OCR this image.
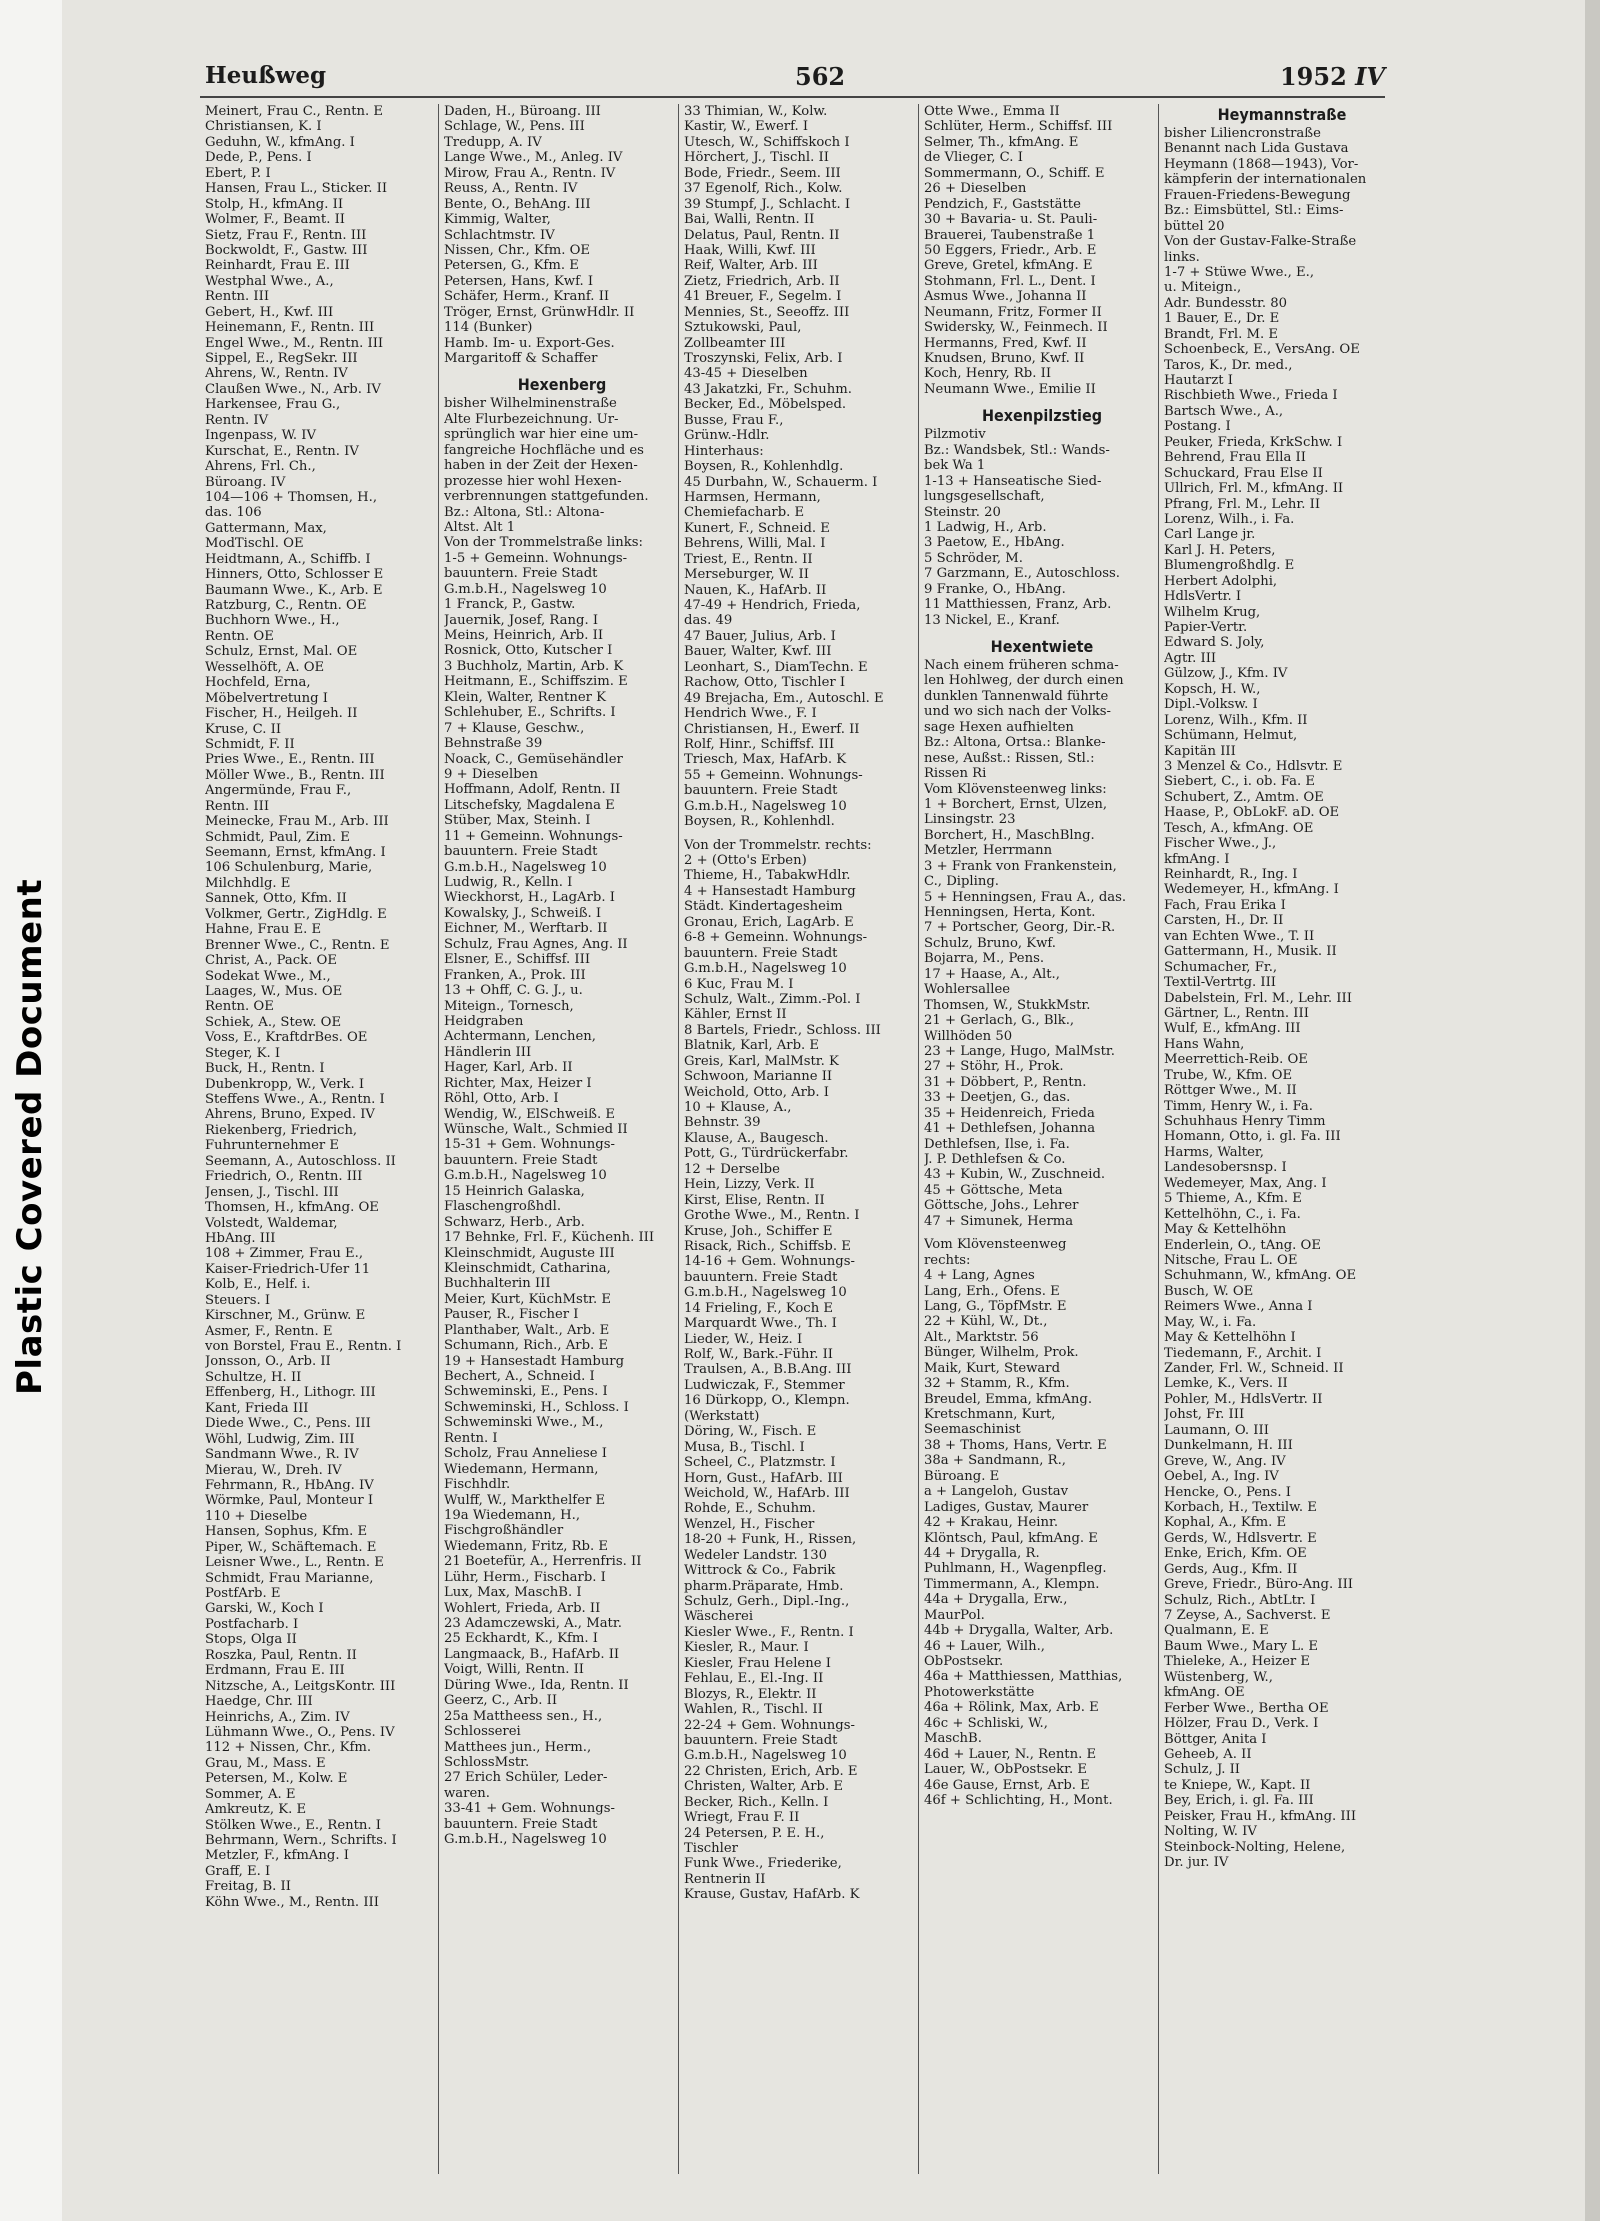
Plastic Covered Document
Heußweg	562	1952 IV
Meinert, Frau C., Rentn. E
Christiansen, K. I
Geduhn, W., kfmAng. I
Dede, P., Pens. I
Ebert, P. I
Hansen, Frau L., Sticker. II
Stolp, H., kfmAng. II
Wolmer, F., Beamt. II
Sietz, Frau F., Rentn. III
Bockwoldt, F., Gastw. III
Reinhardt, Frau E. III
Westphal Wwe., A.,
Rentn. III
Gebert, H., Kwf. III
Heinemann, F., Rentn. III
Engel Wwe., M., Rentn. III
Sippel, E., RegSekr. III
Ahrens, W., Rentn. IV
Claußen Wwe., N., Arb. IV
Harkensee, Frau G.,
Rentn. IV
Ingenpass, W. IV
Kurschat, E., Rentn. IV
Ahrens, Frl. Ch.,
Büroang. IV
104—106 + Thomsen, H.,
das. 106
Gattermann, Max,
ModTischl. OE
Heidtmann, A., Schiffb. I
Hinners, Otto, Schlosser E
Baumann Wwe., K., Arb. E
Ratzburg, C., Rentn. OE
Buchhorn Wwe., H.,
Rentn. OE
Schulz, Ernst, Mal. OE
Wesselhöft, A. OE
Hochfeld, Erna,
Möbelvertretung I
Fischer, H., Heilgeh. II
Kruse, C. II
Schmidt, F. II
Pries Wwe., E., Rentn. III
Möller Wwe., B., Rentn. III
Angermünde, Frau F.,
Rentn. III
Meinecke, Frau M., Arb. III
Schmidt, Paul, Zim. E
Seemann, Ernst, kfmAng. I
106 Schulenburg, Marie,
Milchhdlg. E
Sannek, Otto, Kfm. II
Volkmer, Gertr., ZigHdlg. E
Hahne, Frau E. E
Brenner Wwe., C., Rentn. E
Christ, A., Pack. OE
Sodekat Wwe., M.,
Laages, W., Mus. OE
Rentn. OE
Schiek, A., Stew. OE
Voss, E., KraftdrBes. OE
Steger, K. I
Buck, H., Rentn. I
Dubenkropp, W., Verk. I
Steffens Wwe., A., Rentn. I
Ahrens, Bruno, Exped. IV
Riekenberg, Friedrich,
Fuhrunternehmer E
Seemann, A., Autoschloss. II
Friedrich, O., Rentn. III
Jensen, J., Tischl. III
Thomsen, H., kfmAng. OE
Volstedt, Waldemar,
HbAng. III
108 + Zimmer, Frau E.,
Kaiser-Friedrich-Ufer 11
Kolb, E., Helf. i.
Steuers. I
Kirschner, M., Grünw. E
Asmer, F., Rentn. E
von Borstel, Frau E., Rentn. I
Jonsson, O., Arb. II
Schultze, H. II
Effenberg, H., Lithogr. III
Kant, Frieda III
Diede Wwe., C., Pens. III
Wöhl, Ludwig, Zim. III
Sandmann Wwe., R. IV
Mierau, W., Dreh. IV
Fehrmann, R., HbAng. IV
Wörmke, Paul, Monteur I
110 + Dieselbe
Hansen, Sophus, Kfm. E
Piper, W., Schäftemach. E
Leisner Wwe., L., Rentn. E
Schmidt, Frau Marianne,
PostfArb. E
Garski, W., Koch I
Postfacharb. I
Stops, Olga II
Roszka, Paul, Rentn. II
Erdmann, Frau E. III
Nitzsche, A., LeitgsKontr. III
Haedge, Chr. III
Heinrichs, A., Zim. IV
Lühmann Wwe., O., Pens. IV
112 + Nissen, Chr., Kfm.
Grau, M., Mass. E
Petersen, M., Kolw. E
Sommer, A. E
Amkreutz, K. E
Stölken Wwe., E., Rentn. I
Behrmann, Wern., Schrifts. I
Metzler, F., kfmAng. I
Graff, E. I
Freitag, B. II
Köhn Wwe., M., Rentn. III
Daden, H., Büroang. III
Schlage, W., Pens. III
Tredupp, A. IV
Lange Wwe., M., Anleg. IV
Mirow, Frau A., Rentn. IV
Reuss, A., Rentn. IV
Bente, O., BehAng. III
Kimmig, Walter,
Schlachtmstr. IV
Nissen, Chr., Kfm. OE
Petersen, G., Kfm. E
Petersen, Hans, Kwf. I
Schäfer, Herm., Kranf. II
Tröger, Ernst, GrünwHdlr. II
114 (Bunker)
Hamb. Im- u. Export-Ges.
Margaritoff & Schaffer
Hexenberg
bisher Wilhelminenstraße
Alte Flurbezeichnung. Ur-
sprünglich war hier eine um-
fangreiche Hochfläche und es
haben in der Zeit der Hexen-
prozesse hier wohl Hexen-
verbrennungen stattgefunden.
Bz.: Altona, Stl.: Altona-
Altst. Alt 1
Von der Trommelstraße links:
1-5 + Gemeinn. Wohnungs-
bauuntern. Freie Stadt
G.m.b.H., Nagelsweg 10
1 Franck, P., Gastw.
Jauernik, Josef, Rang. I
Meins, Heinrich, Arb. II
Rosnick, Otto, Kutscher I
3 Buchholz, Martin, Arb. K
Heitmann, E., Schiffszim. E
Klein, Walter, Rentner K
Schlehuber, E., Schrifts. I
7 + Klause, Geschw.,
Behnstraße 39
Noack, C., Gemüsehändler
9 + Dieselben
Hoffmann, Adolf, Rentn. II
Litschefsky, Magdalena E
Stüber, Max, Steinh. I
11 + Gemeinn. Wohnungs-
bauuntern. Freie Stadt
G.m.b.H., Nagelsweg 10
Ludwig, R., Kelln. I
Wieckhorst, H., LagArb. I
Kowalsky, J., Schweiß. I
Eichner, M., Werftarb. II
Schulz, Frau Agnes, Ang. II
Elsner, E., Schiffsf. III
Franken, A., Prok. III
13 + Ohff, C. G. J., u.
Miteign., Tornesch,
Heidgraben
Achtermann, Lenchen,
Händlerin III
Hager, Karl, Arb. II
Richter, Max, Heizer I
Röhl, Otto, Arb. I
Wendig, W., ElSchweiß. E
Wünsche, Walt., Schmied II
15-31 + Gem. Wohnungs-
bauuntern. Freie Stadt
G.m.b.H., Nagelsweg 10
15 Heinrich Galaska,
Flaschengroßhdl.
Schwarz, Herb., Arb.
17 Behnke, Frl. F., Küchenh. III
Kleinschmidt, Auguste III
Kleinschmidt, Catharina,
Buchhalterin III
Meier, Kurt, KüchMstr. E
Pauser, R., Fischer I
Planthaber, Walt., Arb. E
Schumann, Rich., Arb. E
19 + Hansestadt Hamburg
Bechert, A., Schneid. I
Schweminski, E., Pens. I
Schweminski, H., Schloss. I
Schweminski Wwe., M.,
Rentn. I
Scholz, Frau Anneliese I
Wiedemann, Hermann,
Fischhdlr.
Wulff, W., Markthelfer E
19a Wiedemann, H.,
Fischgroßhändler
Wiedemann, Fritz, Rb. E
21 Boetefür, A., Herrenfris. II
Lühr, Herm., Fischarb. I
Lux, Max, MaschB. I
Wohlert, Frieda, Arb. II
23 Adamczewski, A., Matr.
25 Eckhardt, K., Kfm. I
Langmaack, B., HafArb. II
Voigt, Willi, Rentn. II
Düring Wwe., Ida, Rentn. II
Geerz, C., Arb. II
25a Mattheess sen., H.,
Schlosserei
Matthees jun., Herm.,
SchlossMstr.
27 Erich Schüler, Leder-
waren.
33-41 + Gem. Wohnungs-
bauuntern. Freie Stadt
G.m.b.H., Nagelsweg 10
33 Thimian, W., Kolw.
Kastir, W., Ewerf. I
Utesch, W., Schiffskoch I
Hörchert, J., Tischl. II
Bode, Friedr., Seem. III
37 Egenolf, Rich., Kolw.
39 Stumpf, J., Schlacht. I
Bai, Walli, Rentn. II
Delatus, Paul, Rentn. II
Haak, Willi, Kwf. III
Reif, Walter, Arb. III
Zietz, Friedrich, Arb. II
41 Breuer, F., Segelm. I
Mennies, St., Seeoffz. III
Sztukowski, Paul,
Zollbeamter III
Troszynski, Felix, Arb. I
43-45 + Dieselben
43 Jakatzki, Fr., Schuhm.
Becker, Ed., Möbelsped.
Busse, Frau F.,
Grünw.-Hdlr.
Hinterhaus:
Boysen, R., Kohlenhdlg.
45 Durbahn, W., Schauerm. I
Harmsen, Hermann,
Chemiefacharb. E
Kunert, F., Schneid. E
Behrens, Willi, Mal. I
Triest, E., Rentn. II
Merseburger, W. II
Nauen, K., HafArb. II
47-49 + Hendrich, Frieda,
das. 49
47 Bauer, Julius, Arb. I
Bauer, Walter, Kwf. III
Leonhart, S., DiamTechn. E
Rachow, Otto, Tischler I
49 Brejacha, Em., Autoschl. E
Hendrich Wwe., F. I
Christiansen, H., Ewerf. II
Rolf, Hinr., Schiffsf. III
Triesch, Max, HafArb. K
55 + Gemeinn. Wohnungs-
bauuntern. Freie Stadt
G.m.b.H., Nagelsweg 10
Boysen, R., Kohlenhdl.
Von der Trommelstr. rechts:
2 + (Otto's Erben)
Thieme, H., TabakwHdlr.
4 + Hansestadt Hamburg
Städt. Kindertagesheim
Gronau, Erich, LagArb. E
6-8 + Gemeinn. Wohnungs-
bauuntern. Freie Stadt
G.m.b.H., Nagelsweg 10
6 Kuc, Frau M. I
Schulz, Walt., Zimm.-Pol. I
Kähler, Ernst II
8 Bartels, Friedr., Schloss. III
Blatnik, Karl, Arb. E
Greis, Karl, MalMstr. K
Schwoon, Marianne II
Weichold, Otto, Arb. I
10 + Klause, A.,
Behnstr. 39
Klause, A., Baugesch.
Pott, G., Türdrückerfabr.
12 + Derselbe
Hein, Lizzy, Verk. II
Kirst, Elise, Rentn. II
Grothe Wwe., M., Rentn. I
Kruse, Joh., Schiffer E
Risack, Rich., Schiffsb. E
14-16 + Gem. Wohnungs-
bauuntern. Freie Stadt
G.m.b.H., Nagelsweg 10
14 Frieling, F., Koch E
Marquardt Wwe., Th. I
Lieder, W., Heiz. I
Rolf, W., Bark.-Führ. II
Traulsen, A., B.B.Ang. III
Ludwiczak, F., Stemmer
16 Dürkopp, O., Klempn.
(Werkstatt)
Döring, W., Fisch. E
Musa, B., Tischl. I
Scheel, C., Platzmstr. I
Horn, Gust., HafArb. III
Weichold, W., HafArb. III
Rohde, E., Schuhm.
Wenzel, H., Fischer
18-20 + Funk, H., Rissen,
Wedeler Landstr. 130
Wittrock & Co., Fabrik
pharm.Präparate, Hmb.
Schulz, Gerh., Dipl.-Ing.,
Wäscherei
Kiesler Wwe., F., Rentn. I
Kiesler, R., Maur. I
Kiesler, Frau Helene I
Fehlau, E., El.-Ing. II
Blozys, R., Elektr. II
Wahlen, R., Tischl. II
22-24 + Gem. Wohnungs-
bauuntern. Freie Stadt
G.m.b.H., Nagelsweg 10
22 Christen, Erich, Arb. E
Christen, Walter, Arb. E
Becker, Rich., Kelln. I
Wriegt, Frau F. II
24 Petersen, P. E. H.,
Tischler
Funk Wwe., Friederike,
Rentnerin II
Krause, Gustav, HafArb. K
Otte Wwe., Emma II
Schlüter, Herm., Schiffsf. III
Selmer, Th., kfmAng. E
de Vlieger, C. I
Sommermann, O., Schiff. E
26 + Dieselben
Pendzich, F., Gaststätte
30 + Bavaria- u. St. Pauli-
Brauerei, Taubenstraße 1
50 Eggers, Friedr., Arb. E
Greve, Gretel, kfmAng. E
Stohmann, Frl. L., Dent. I
Asmus Wwe., Johanna II
Neumann, Fritz, Former II
Swidersky, W., Feinmech. II
Hermanns, Fred, Kwf. II
Knudsen, Bruno, Kwf. II
Koch, Henry, Rb. II
Neumann Wwe., Emilie II
Hexenpilzstieg
Pilzmotiv
Bz.: Wandsbek, Stl.: Wands-
bek Wa 1
1-13 + Hanseatische Sied-
lungsgesellschaft,
Steinstr. 20
1 Ladwig, H., Arb.
3 Paetow, E., HbAng.
5 Schröder, M.
7 Garzmann, E., Autoschloss.
9 Franke, O., HbAng.
11 Matthiessen, Franz, Arb.
13 Nickel, E., Kranf.
Hexentwiete
Nach einem früheren schma-
len Hohlweg, der durch einen
dunklen Tannenwald führte
und wo sich nach der Volks-
sage Hexen aufhielten
Bz.: Altona, Ortsa.: Blanke-
nese, Außst.: Rissen, Stl.:
Rissen Ri
Vom Klövensteenweg links:
1 + Borchert, Ernst, Ülzen,
Linsingstr. 23
Borchert, H., MaschBlng.
Metzler, Herrmann
3 + Frank von Frankenstein,
C., Dipling.
5 + Henningsen, Frau A., das.
Henningsen, Herta, Kont.
7 + Portscher, Georg, Dir.-R.
Schulz, Bruno, Kwf.
Bojarra, M., Pens.
17 + Haase, A., Alt.,
Wohlersallee
Thomsen, W., StukkMstr.
21 + Gerlach, G., Blk.,
Willhöden 50
23 + Lange, Hugo, MalMstr.
27 + Stöhr, H., Prok.
31 + Döbbert, P., Rentn.
33 + Deetjen, G., das.
35 + Heidenreich, Frieda
41 + Dethlefsen, Johanna
Dethlefsen, Ilse, i. Fa.
J. P. Dethlefsen & Co.
43 + Kubin, W., Zuschneid.
45 + Göttsche, Meta
Göttsche, Johs., Lehrer
47 + Simunek, Herma
Vom Klövensteenweg
rechts:
4 + Lang, Agnes
Lang, Erh., Ofens. E
Lang, G., TöpfMstr. E
22 + Kühl, W., Dt.,
Alt., Marktstr. 56
Bünger, Wilhelm, Prok.
Maik, Kurt, Steward
32 + Stamm, R., Kfm.
Breudel, Emma, kfmAng.
Kretschmann, Kurt,
Seemaschinist
38 + Thoms, Hans, Vertr. E
38a + Sandmann, R.,
Büroang. E
a + Langeloh, Gustav
Ladiges, Gustav, Maurer
42 + Krakau, Heinr.
Klöntsch, Paul, kfmAng. E
44 + Drygalla, R.
Puhlmann, H., Wagenpfleg.
Timmermann, A., Klempn.
44a + Drygalla, Erw.,
MaurPol.
44b + Drygalla, Walter, Arb.
46 + Lauer, Wilh.,
ObPostsekr.
46a + Matthiessen, Matthias,
Photowerkstätte
46a + Rölink, Max, Arb. E
46c + Schliski, W.,
MaschB.
46d + Lauer, N., Rentn. E
Lauer, W., ObPostsekr. E
46e Gause, Ernst, Arb. E
46f + Schlichting, H., Mont.
Heymannstraße
bisher Liliencronstraße
Benannt nach Lida Gustava
Heymann (1868—1943), Vor-
kämpferin der internationalen
Frauen-Friedens-Bewegung
Bz.: Eimsbüttel, Stl.: Eims-
büttel 20
Von der Gustav-Falke-Straße
links.
1-7 + Stüwe Wwe., E.,
u. Miteign.,
Adr. Bundesstr. 80
1 Bauer, E., Dr. E
Brandt, Frl. M. E
Schoenbeck, E., VersAng. OE
Taros, K., Dr. med.,
Hautarzt I
Rischbieth Wwe., Frieda I
Bartsch Wwe., A.,
Postang. I
Peuker, Frieda, KrkSchw. I
Behrend, Frau Ella II
Schuckard, Frau Else II
Ullrich, Frl. M., kfmAng. II
Pfrang, Frl. M., Lehr. II
Lorenz, Wilh., i. Fa.
Carl Lange jr.
Karl J. H. Peters,
Blumengroßhdlg. E
Herbert Adolphi,
HdlsVertr. I
Wilhelm Krug,
Papier-Vertr.
Edward S. Joly,
Agtr. III
Gülzow, J., Kfm. IV
Kopsch, H. W.,
Dipl.-Volksw. I
Lorenz, Wilh., Kfm. II
Schümann, Helmut,
Kapitän III
3 Menzel & Co., Hdlsvtr. E
Siebert, C., i. ob. Fa. E
Schubert, Z., Amtm. OE
Haase, P., ObLokF. aD. OE
Tesch, A., kfmAng. OE
Fischer Wwe., J.,
kfmAng. I
Reinhardt, R., Ing. I
Wedemeyer, H., kfmAng. I
Fach, Frau Erika I
Carsten, H., Dr. II
van Echten Wwe., T. II
Gattermann, H., Musik. II
Schumacher, Fr.,
Textil-Vertrtg. III
Dabelstein, Frl. M., Lehr. III
Gärtner, L., Rentn. III
Wulf, E., kfmAng. III
Hans Wahn,
Meerrettich-Reib. OE
Trube, W., Kfm. OE
Röttger Wwe., M. II
Timm, Henry W., i. Fa.
Schuhhaus Henry Timm
Homann, Otto, i. gl. Fa. III
Harms, Walter,
Landesobersnsp. I
Wedemeyer, Max, Ang. I
5 Thieme, A., Kfm. E
Kettelhöhn, C., i. Fa.
May & Kettelhöhn
Enderlein, O., tAng. OE
Nitsche, Frau L. OE
Schuhmann, W., kfmAng. OE
Busch, W. OE
Reimers Wwe., Anna I
May, W., i. Fa.
May & Kettelhöhn I
Tiedemann, F., Archit. I
Zander, Frl. W., Schneid. II
Lemke, K., Vers. II
Pohler, M., HdlsVertr. II
Johst, Fr. III
Laumann, O. III
Dunkelmann, H. III
Greve, W., Ang. IV
Oebel, A., Ing. IV
Hencke, O., Pens. I
Korbach, H., Textilw. E
Kophal, A., Kfm. E
Gerds, W., Hdlsvertr. E
Enke, Erich, Kfm. OE
Gerds, Aug., Kfm. II
Greve, Friedr., Büro-Ang. III
Schulz, Rich., AbtLtr. I
7 Zeyse, A., Sachverst. E
Qualmann, E. E
Baum Wwe., Mary L. E
Thieleke, A., Heizer E
Wüstenberg, W.,
kfmAng. OE
Ferber Wwe., Bertha OE
Hölzer, Frau D., Verk. I
Böttger, Anita I
Geheeb, A. II
Schulz, J. II
te Kniepe, W., Kapt. II
Bey, Erich, i. gl. Fa. III
Peisker, Frau H., kfmAng. III
Nolting, W. IV
Steinbock-Nolting, Helene,
Dr. jur. IV
